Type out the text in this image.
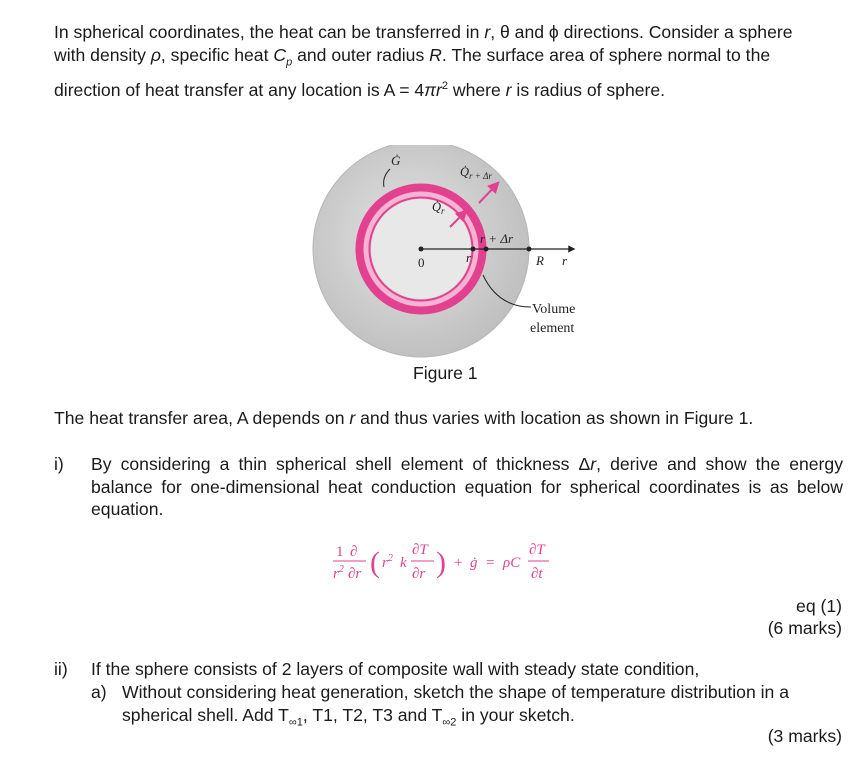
In spherical coordinates, the heat can be transferred in r, θ and ϕ directions. Consider a sphere
with density ρ, specific heat $C_p$ and outer radius R. The surface area of sphere normal to the
direction of heat transfer at any location is $A = 4\pi r^2$ where r is radius of sphere.
Ġ
$Q̇_r$
$Q̇_{r + \Delta r}$
r + Δr
0	r	R r
Volume
element
Figure 1
The heat transfer area, A depends on r and thus varies with location as shown in Figure 1.
i) By considering a thin spherical shell element of thickness Δr, derive and show the energy balance for one-dimensional heat conduction equation for spherical coordinates is as below equation.
1 ∂
$r^2$ ∂r ( $r^2$ k
∂T
∂r ) + ġ = ρC
∂T
∂t
eq (1)
(6 marks)
ii) If the sphere consists of 2 layers of composite wall with steady state condition,
a) Without considering heat generation, sketch the shape of temperature distribution in a spherical shell. Add $T_{\infty 1}$, T1, T2, T3 and $T_{\infty 2}$ in your sketch.
(3 marks)
